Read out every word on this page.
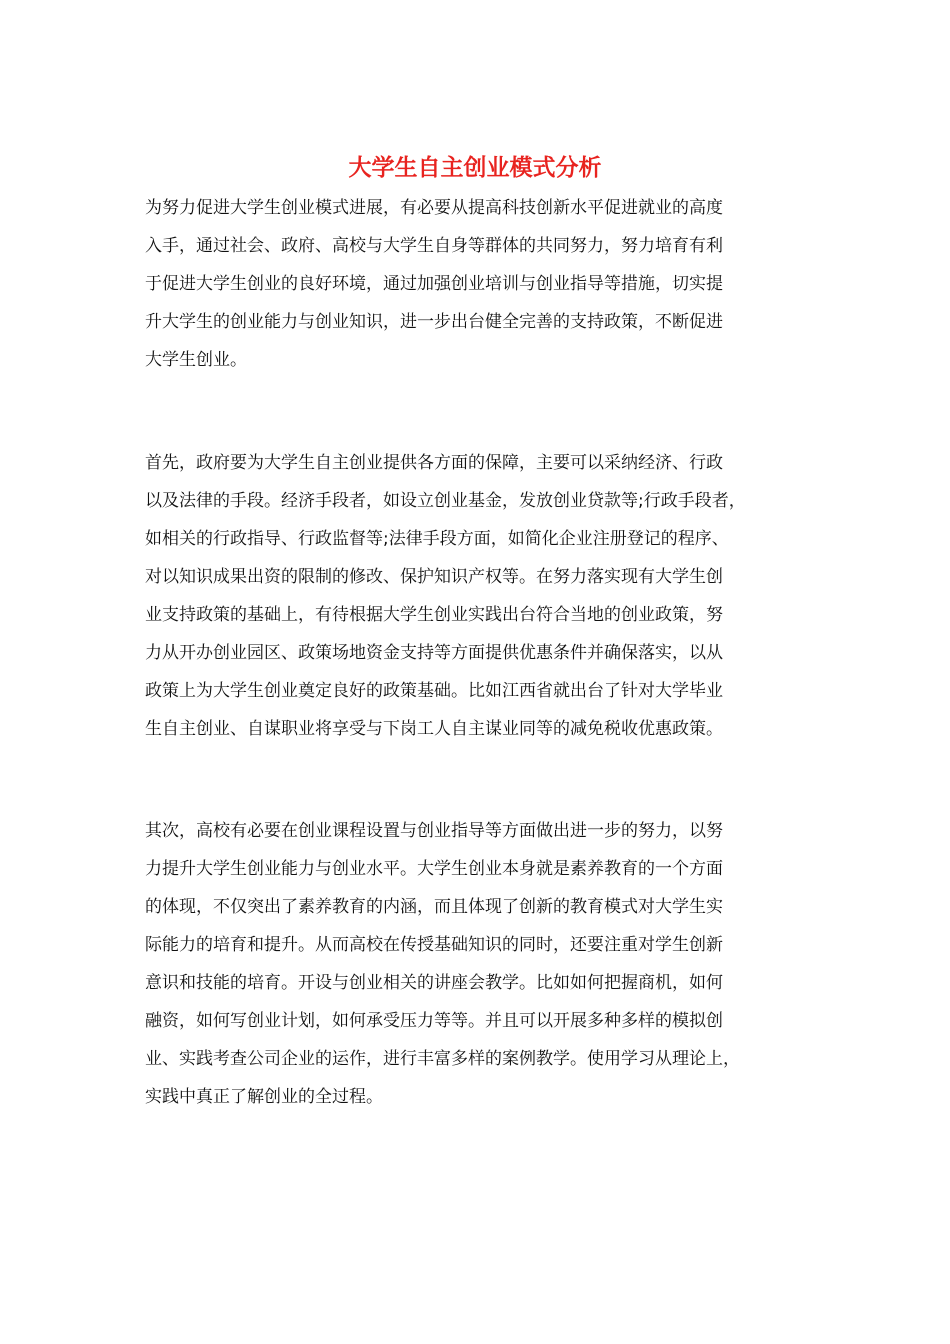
大学生自主创业模式分析
为努力促进大学生创业模式进展，有必要从提高科技创新水平促进就业的高度
入手，通过社会、政府、高校与大学生自身等群体的共同努力，努力培育有利
于促进大学生创业的良好环境，通过加强创业培训与创业指导等措施，切实提
升大学生的创业能力与创业知识，进一步出台健全完善的支持政策，不断促进
大学生创业。
首先，政府要为大学生自主创业提供各方面的保障，主要可以采纳经济、行政
以及法律的手段。经济手段者，如设立创业基金，发放创业贷款等;行政手段者，
如相关的行政指导、行政监督等;法律手段方面，如简化企业注册登记的程序、
对以知识成果出资的限制的修改、保护知识产权等。在努力落实现有大学生创
业支持政策的基础上，有待根据大学生创业实践出台符合当地的创业政策，努
力从开办创业园区、政策场地资金支持等方面提供优惠条件并确保落实，以从
政策上为大学生创业奠定良好的政策基础。比如江西省就出台了针对大学毕业
生自主创业、自谋职业将享受与下岗工人自主谋业同等的减免税收优惠政策。
其次，高校有必要在创业课程设置与创业指导等方面做出进一步的努力，以努
力提升大学生创业能力与创业水平。大学生创业本身就是素养教育的一个方面
的体现，不仅突出了素养教育的内涵，而且体现了创新的教育模式对大学生实
际能力的培育和提升。从而高校在传授基础知识的同时，还要注重对学生创新
意识和技能的培育。开设与创业相关的讲座会教学。比如如何把握商机，如何
融资，如何写创业计划，如何承受压力等等。并且可以开展多种多样的模拟创
业、实践考查公司企业的运作，进行丰富多样的案例教学。使用学习从理论上，
实践中真正了解创业的全过程。
